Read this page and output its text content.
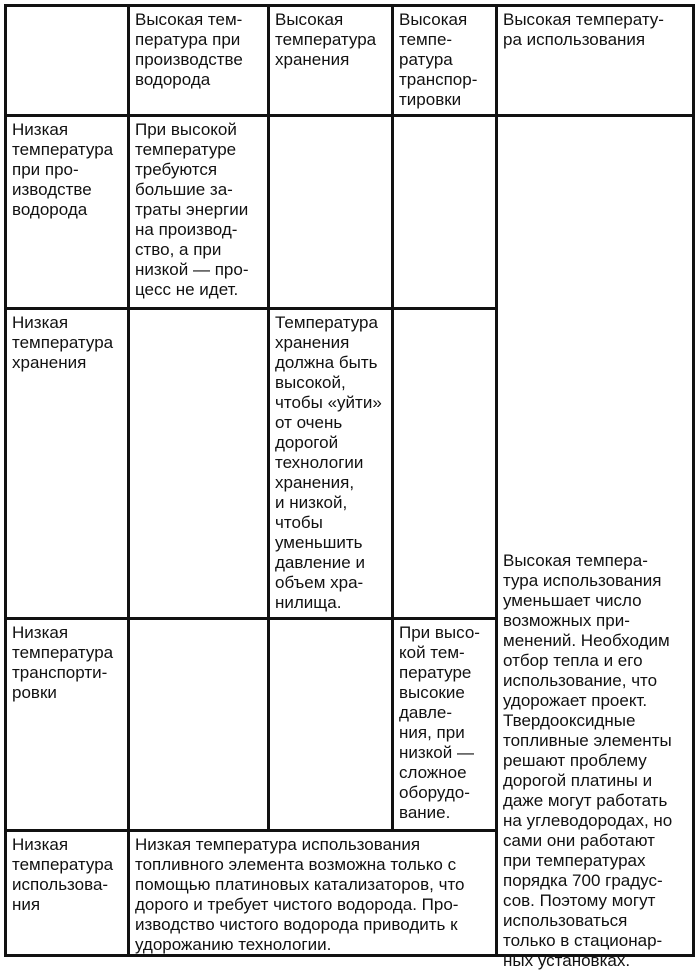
Высокая тем-
пература при
производстве
водорода
Высокая
температура
хранения
Высокая
темпе-
ратура
транспор-
тировки
Высокая температу-
ра использования
Низкая
температура
при про-
изводстве
водорода
При высокой
температуре
требуются
большие за-
траты энергии
на производ-
ство, а при
низкой — про-
цесс не идет.
Высокая темпера-
тура использования
уменьшает число
возможных при-
менений. Необходим
отбор тепла и его
использование, что
удорожает проект.
Твердооксидные
топливные элементы
решают проблему
дорогой платины и
даже могут работать
на углеводородах, но
сами они работают
при температурах
порядка 700 градус-
сов. Поэтому могут
использоваться
только в стационар-
ных установках.
Низкая
температура
хранения
Температура
хранения
должна быть
высокой,
чтобы «уйти»
от очень
дорогой
технологии
хранения,
и низкой,
чтобы
уменьшить
давление и
объем хра-
нилища.
Низкая
температура
транспорти-
ровки
При высо-
кой тем-
пературе
высокие
давле-
ния, при
низкой —
сложное
оборудо-
вание.
Низкая
температура
использова-
ния
Низкая температура использования
топливного элемента возможна только с
помощью платиновых катализаторов, что
дорого и требует чистого водорода. Про-
изводство чистого водорода приводить к
удорожанию технологии.
